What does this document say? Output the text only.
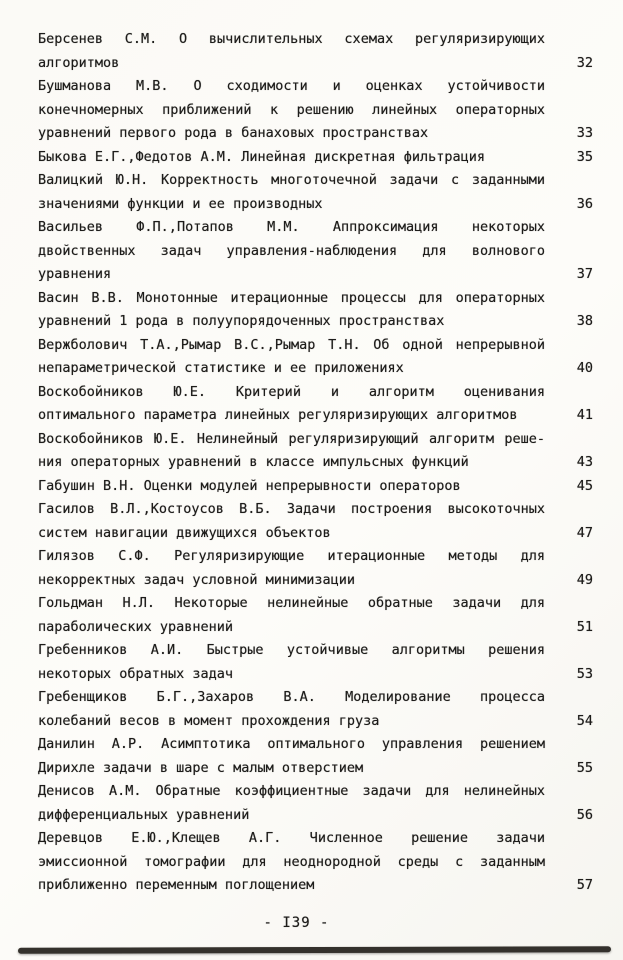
Берсенев С.М. О вычислительных схемах регуляризирующих
алгоритмов	32
Бушманова М.В. О сходимости и оценках устойчивости
конечномерных приближений к решению линейных операторных
уравнений первого рода в банаховых пространствах	33
Быкова Е.Г.,Федотов А.М. Линейная дискретная фильтрация	35
Валицкий Ю.Н. Корректность многоточечной задачи с заданными
значениями функции и ее производных	36
Васильев Ф.П.,Потапов М.М. Аппроксимация некоторых
двойственных задач управления-наблюдения для волнового
уравнения	37
Васин В.В. Монотонные итерационные процессы для операторных
уравнений 1 рода в полуупорядоченных пространствах	38
Вержболович Т.А.,Рымар В.С.,Рымар Т.Н. Об одной непрерывной
непараметрической статистике и ее приложениях	40
Воскобойников Ю.Е. Критерий и алгоритм оценивания
оптимального параметра линейных регуляризирующих алгоритмов	41
Воскобойников Ю.Е. Нелинейный регуляризирующий алгоритм реше-
ния операторных уравнений в классе импульсных функций	43
Габушин В.Н. Оценки модулей непрерывности операторов	45
Гасилов В.Л.,Костоусов В.Б. Задачи построения высокоточных
систем навигации движущихся объектов	47
Гилязов С.Ф. Регуляризирующие итерационные методы для
некорректных задач условной минимизации	49
Гольдман Н.Л. Некоторые нелинейные обратные задачи для
параболических уравнений	51
Гребенников А.И. Быстрые устойчивые алгоритмы решения
некоторых обратных задач	53
Гребенщиков Б.Г.,Захаров В.А. Моделирование процесса
колебаний весов в момент прохождения груза	54
Данилин А.Р. Асимптотика оптимального управления решением
Дирихле задачи в шаре с малым отверстием	55
Денисов А.М. Обратные коэффициентные задачи для нелинейных
дифференциальных уравнений	56
Деревцов Е.Ю.,Клещев А.Г. Численное решение задачи
эмиссионной томографии для неоднородной среды с заданным
приближенно переменным поглощением	57
- I39 -
